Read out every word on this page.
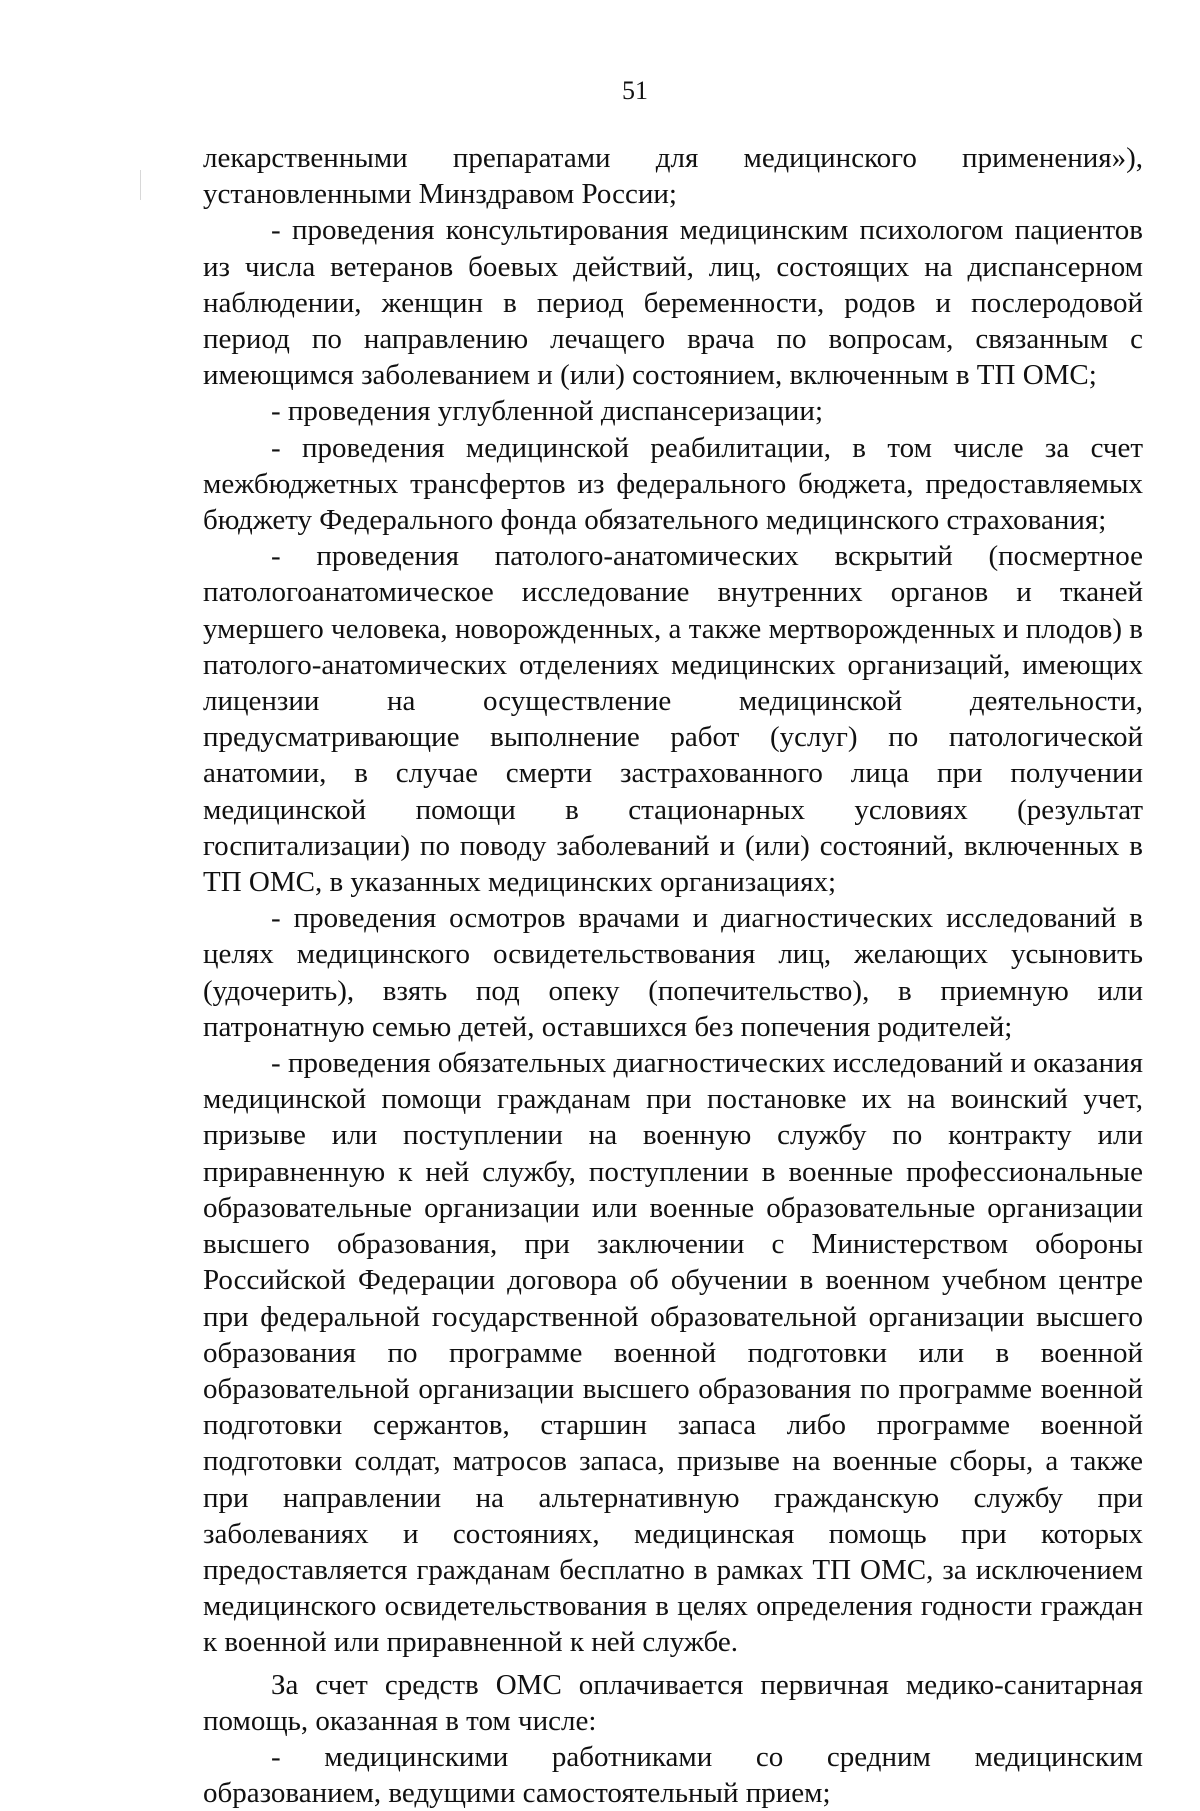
51

лекарственными препаратами для медицинского применения»), установленными Минздравом России;

- проведения консультирования медицинским психологом пациентов из числа ветеранов боевых действий, лиц, состоящих на диспансерном наблюдении, женщин в период беременности, родов и послеродовой период по направлению лечащего врача по вопросам, связанным с имеющимся заболеванием и (или) состоянием, включенным в ТП ОМС;

- проведения углубленной диспансеризации;

- проведения медицинской реабилитации, в том числе за счет межбюджетных трансфертов из федерального бюджета, предоставляемых бюджету Федерального фонда обязательного медицинского страхования;

- проведения патолого-анатомических вскрытий (посмертное патологоанатомическое исследование внутренних органов и тканей умершего человека, новорожденных, а также мертворожденных и плодов) в патолого-анатомических отделениях медицинских организаций, имеющих лицензии на осуществление медицинской деятельности, предусматривающие выполнение работ (услуг) по патологической анатомии, в случае смерти застрахованного лица при получении медицинской помощи в стационарных условиях (результат госпитализации) по поводу заболеваний и (или) состояний, включенных в ТП ОМС, в указанных медицинских организациях;

- проведения осмотров врачами и диагностических исследований в целях медицинского освидетельствования лиц, желающих усыновить (удочерить), взять под опеку (попечительство), в приемную или патронатную семью детей, оставшихся без попечения родителей;

- проведения обязательных диагностических исследований и оказания медицинской помощи гражданам при постановке их на воинский учет, призыве или поступлении на военную службу по контракту или приравненную к ней службу, поступлении в военные профессиональные образовательные организации или военные образовательные организации высшего образования, при заключении с Министерством обороны Российской Федерации договора об обучении в военном учебном центре при федеральной государственной образовательной организации высшего образования по программе военной подготовки или в военной образовательной организации высшего образования по программе военной подготовки сержантов, старшин запаса либо программе военной подготовки солдат, матросов запаса, призыве на военные сборы, а также при направлении на альтернативную гражданскую службу при заболеваниях и состояниях, медицинская помощь при которых предоставляется гражданам бесплатно в рамках ТП ОМС, за исключением медицинского освидетельствования в целях определения годности граждан к военной или приравненной к ней службе.

За счет средств ОМС оплачивается первичная медико-санитарная помощь, оказанная в том числе:

- медицинскими работниками со средним медицинским образованием, ведущими самостоятельный прием;
